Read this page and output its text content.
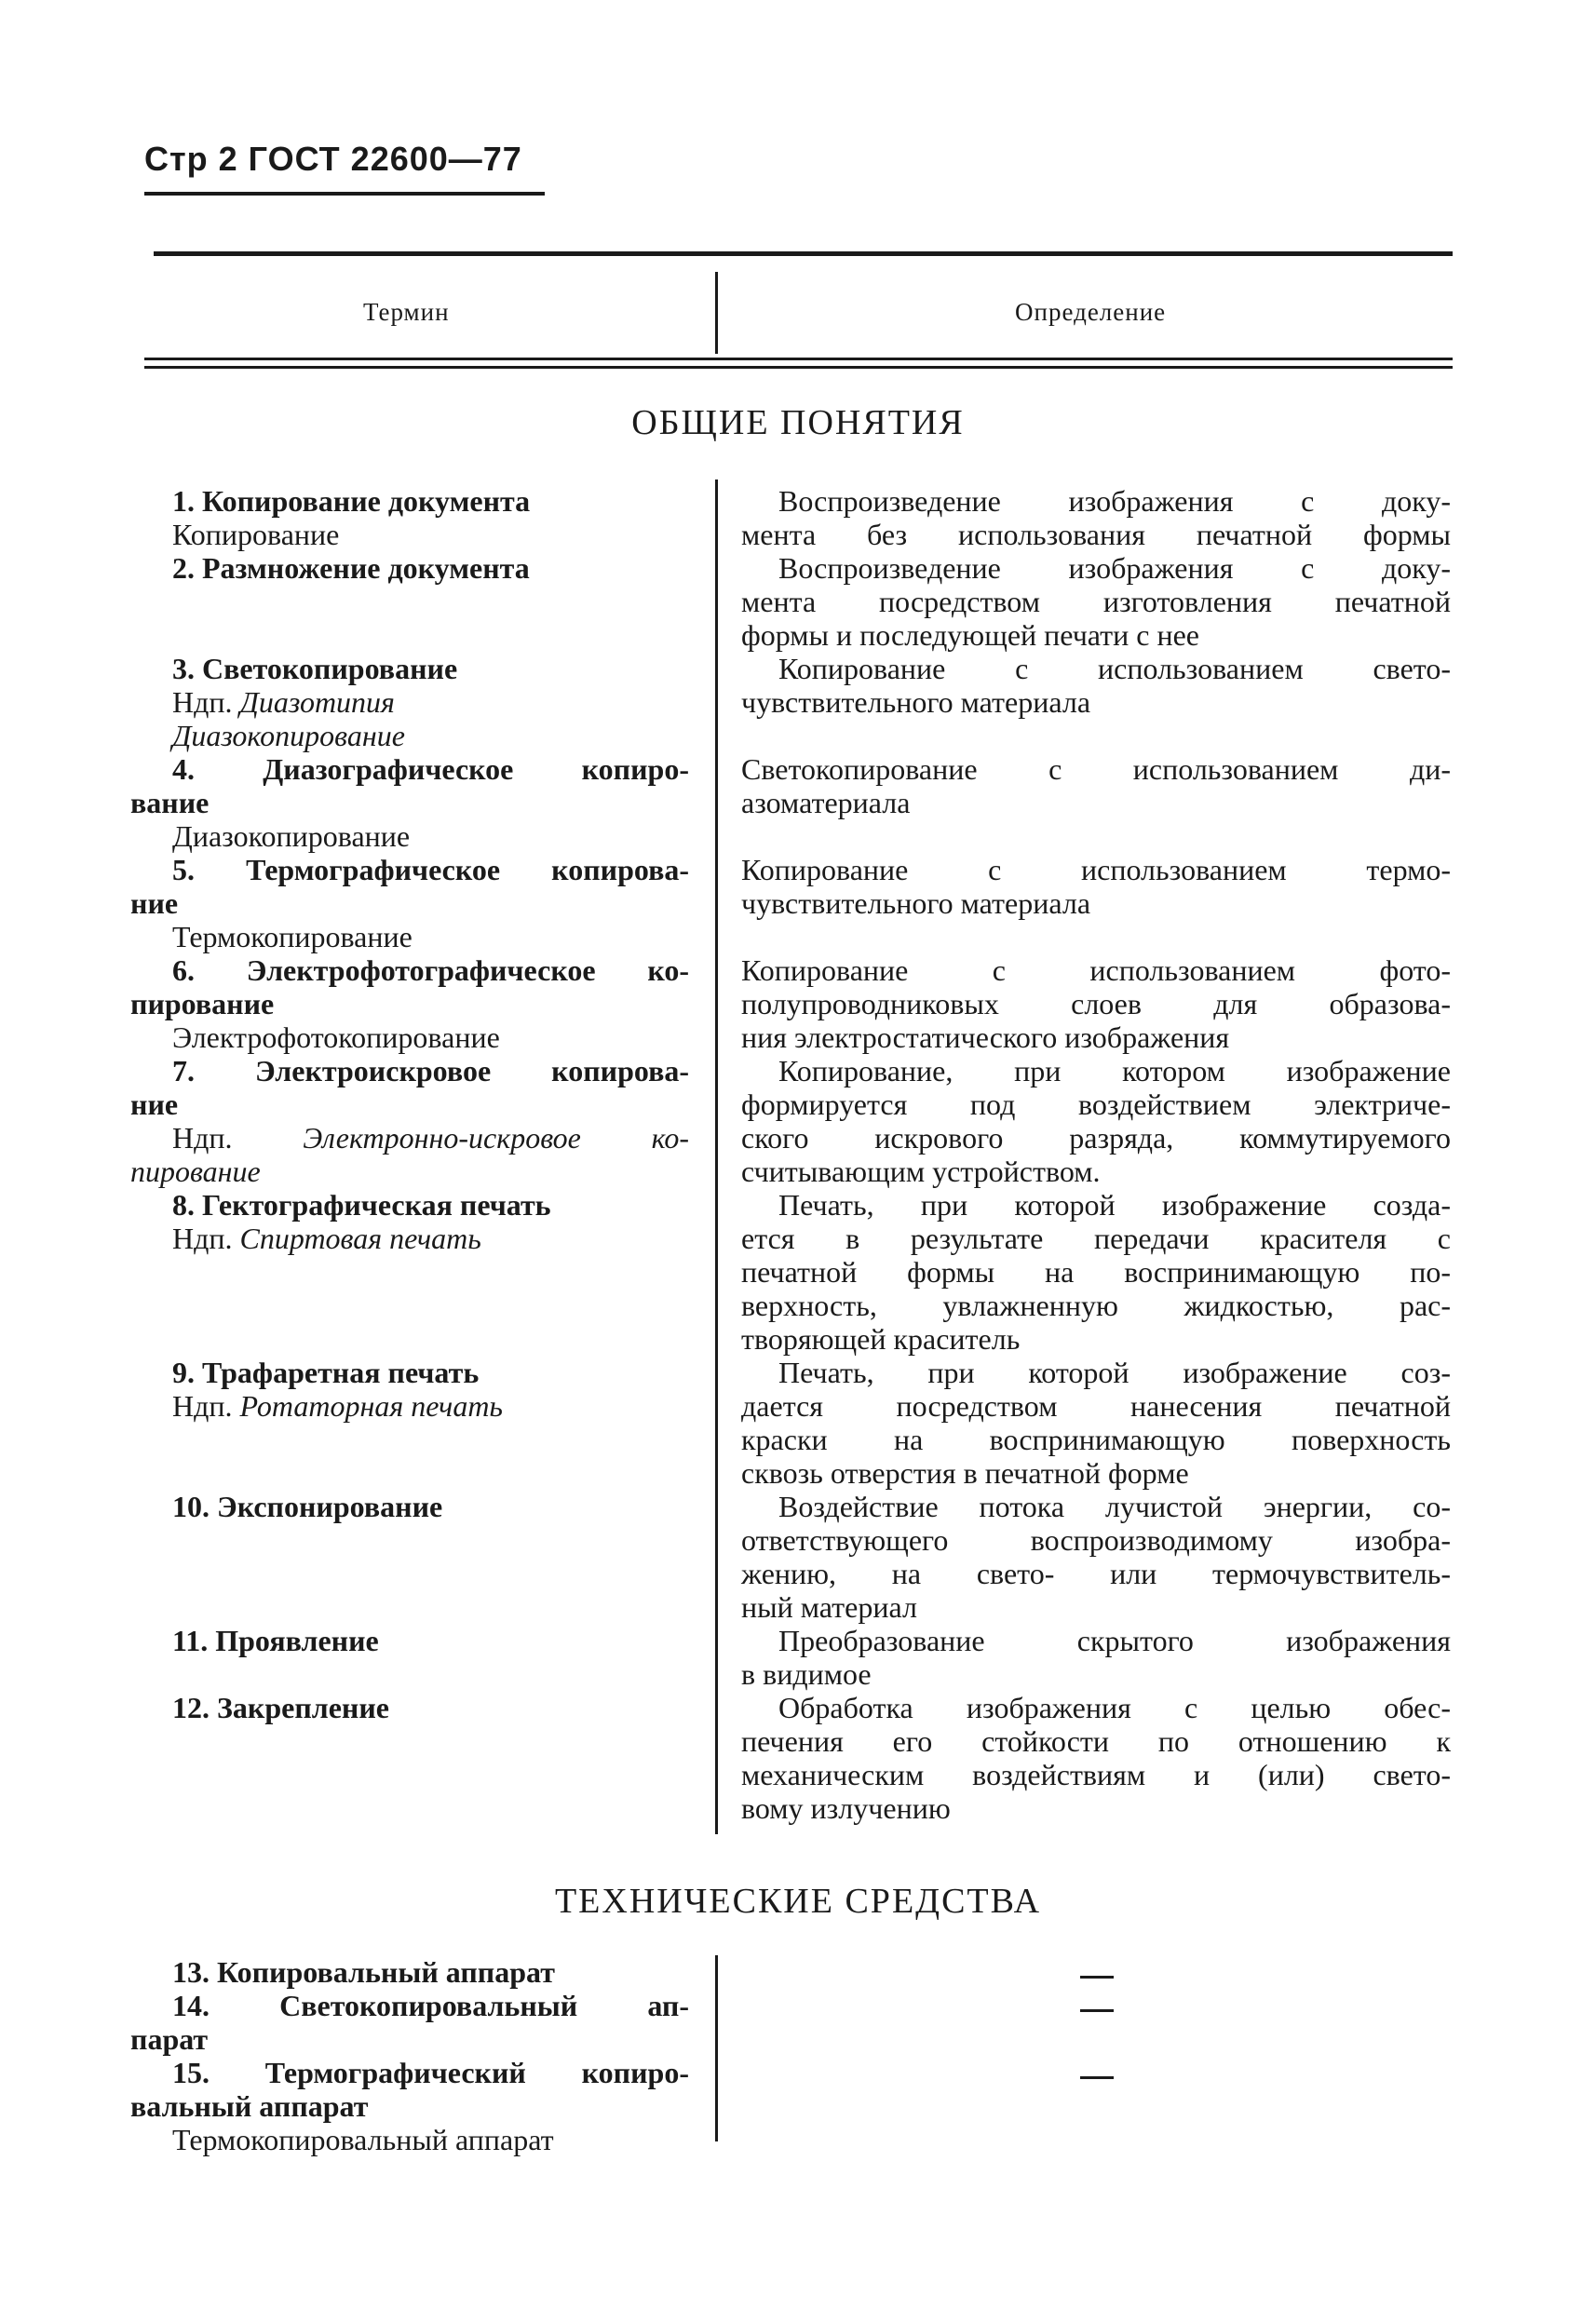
Стр 2 ГОСТ 22600—77
Термин	Определение
ОБЩИЕ ПОНЯТИЯ
1. Копирование документа
Копирование
2. Размножение документа
3. Светокопирование
Ндп. Диазотипия
Диазокопирование
4. Диазографическое копиро-
вание
Диазокопирование
5. Термографическое копирова-
ние
Термокопирование
6. Электрофотографическое ко-
пирование
Электрофотокопирование
7. Электроискровое копирова-
ние
Ндп. Электронно-искровое ко-
пирование
8. Гектографическая печать
Ндп. Спиртовая печать
9. Трафаретная печать
Ндп. Ротаторная печать
10. Экспонирование
11. Проявление
12. Закрепление
Воспроизведение изображения с доку-
мента без использования печатной формы
Воспроизведение изображения с доку-
мента посредством изготовления печатной
формы и последующей печати с нее
Копирование с использованием свето-
чувствительного материала
Светокопирование с использованием ди-
азоматериала
Копирование с использованием термо-
чувствительного материала
Копирование с использованием фото-
полупроводниковых слоев для образова-
ния электростатического изображения
Копирование, при котором изображение
формируется под воздействием электриче-
ского искрового разряда, коммутируемого
считывающим устройством.
Печать, при которой изображение созда-
ется в результате передачи красителя с
печатной формы на воспринимающую по-
верхность, увлажненную жидкостью, рас-
творяющей краситель
Печать, при которой изображение соз-
дается посредством нанесения печатной
краски на воспринимающую поверхность
сквозь отверстия в печатной форме
Воздействие потока лучистой энергии, со-
ответствующего воспроизводимому изобра-
жению, на свето- или термочувствитель-
ный материал
Преобразование скрытого изображения
в видимое
Обработка изображения с целью обес-
печения его стойкости по отношению к
механическим воздействиям и (или) свето-
вому излучению
ТЕХНИЧЕСКИЕ СРЕДСТВА
13. Копировальный аппарат
14. Светокопировальный ап-
парат
15. Термографический копиро-
вальный аппарат
Термокопировальный аппарат
